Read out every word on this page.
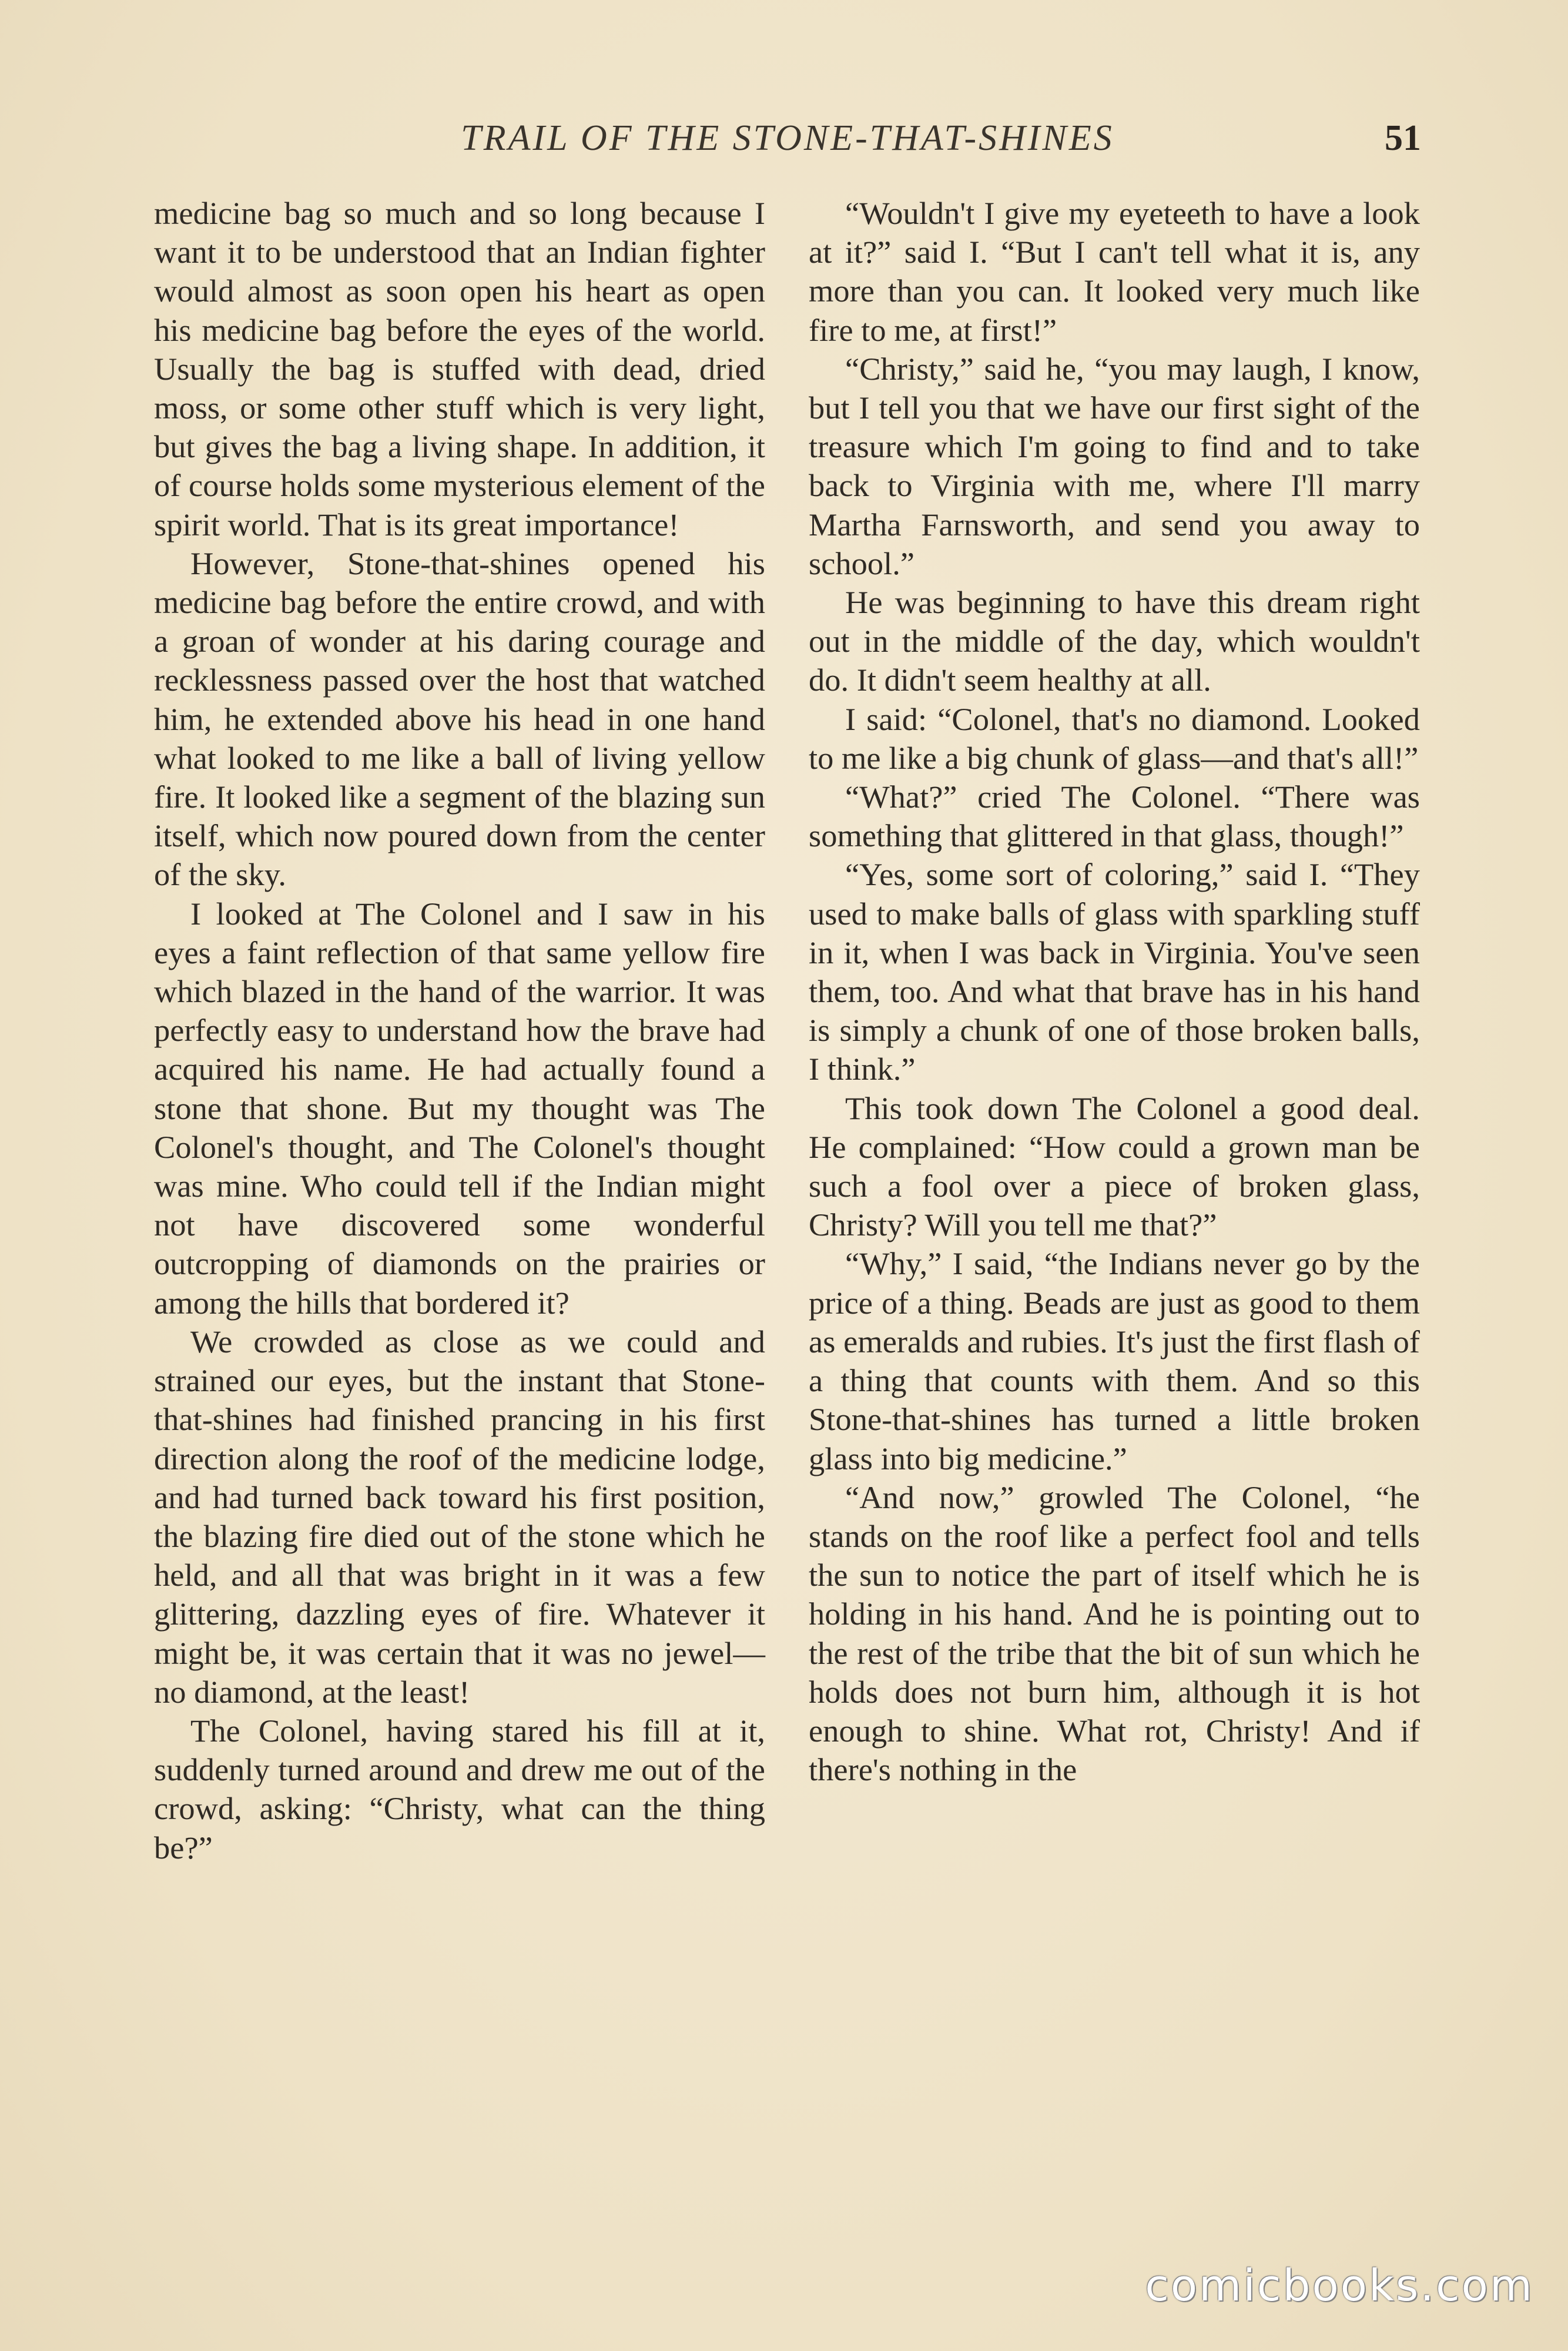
TRAIL OF THE STONE-THAT-SHINES	51

medicine bag so much and so long because I want it to be understood that an Indian fighter would almost as soon open his heart as open his medicine bag before the eyes of the world. Usually the bag is stuffed with dead, dried moss, or some other stuff which is very light, but gives the bag a living shape. In addition, it of course holds some mysterious element of the spirit world. That is its great importance!

However, Stone-that-shines opened his medicine bag before the entire crowd, and with a groan of wonder at his daring courage and recklessness passed over the host that watched him, he extended above his head in one hand what looked to me like a ball of living yellow fire. It looked like a segment of the blazing sun itself, which now poured down from the center of the sky.

I looked at The Colonel and I saw in his eyes a faint reflection of that same yellow fire which blazed in the hand of the warrior. It was perfectly easy to understand how the brave had acquired his name. He had actually found a stone that shone. But my thought was The Colonel's thought, and The Colonel's thought was mine. Who could tell if the Indian might not have discovered some wonderful outcropping of diamonds on the prairies or among the hills that bordered it?

We crowded as close as we could and strained our eyes, but the instant that Stone-that-shines had finished prancing in his first direction along the roof of the medicine lodge, and had turned back toward his first position, the blazing fire died out of the stone which he held, and all that was bright in it was a few glittering, dazzling eyes of fire. Whatever it might be, it was certain that it was no jewel—no diamond, at the least!

The Colonel, having stared his fill at it, suddenly turned around and drew me out of the crowd, asking: “Christy, what can the thing be?”

“Wouldn't I give my eyeteeth to have a look at it?” said I. “But I can't tell what it is, any more than you can. It looked very much like fire to me, at first!”

“Christy,” said he, “you may laugh, I know, but I tell you that we have our first sight of the treasure which I'm going to find and to take back to Virginia with me, where I'll marry Martha Farnsworth, and send you away to school.”

He was beginning to have this dream right out in the middle of the day, which wouldn't do. It didn't seem healthy at all.

I said: “Colonel, that's no diamond. Looked to me like a big chunk of glass—and that's all!”

“What?” cried The Colonel. “There was something that glittered in that glass, though!”

“Yes, some sort of coloring,” said I. “They used to make balls of glass with sparkling stuff in it, when I was back in Virginia. You've seen them, too. And what that brave has in his hand is simply a chunk of one of those broken balls, I think.”

This took down The Colonel a good deal. He complained: “How could a grown man be such a fool over a piece of broken glass, Christy? Will you tell me that?”

“Why,” I said, “the Indians never go by the price of a thing. Beads are just as good to them as emeralds and rubies. It's just the first flash of a thing that counts with them. And so this Stone-that-shines has turned a little broken glass into big medicine.”

“And now,” growled The Colonel, “he stands on the roof like a perfect fool and tells the sun to notice the part of itself which he is holding in his hand. And he is pointing out to the rest of the tribe that the bit of sun which he holds does not burn him, although it is hot enough to shine. What rot, Christy! And if there's nothing in the

comicbooks.com
